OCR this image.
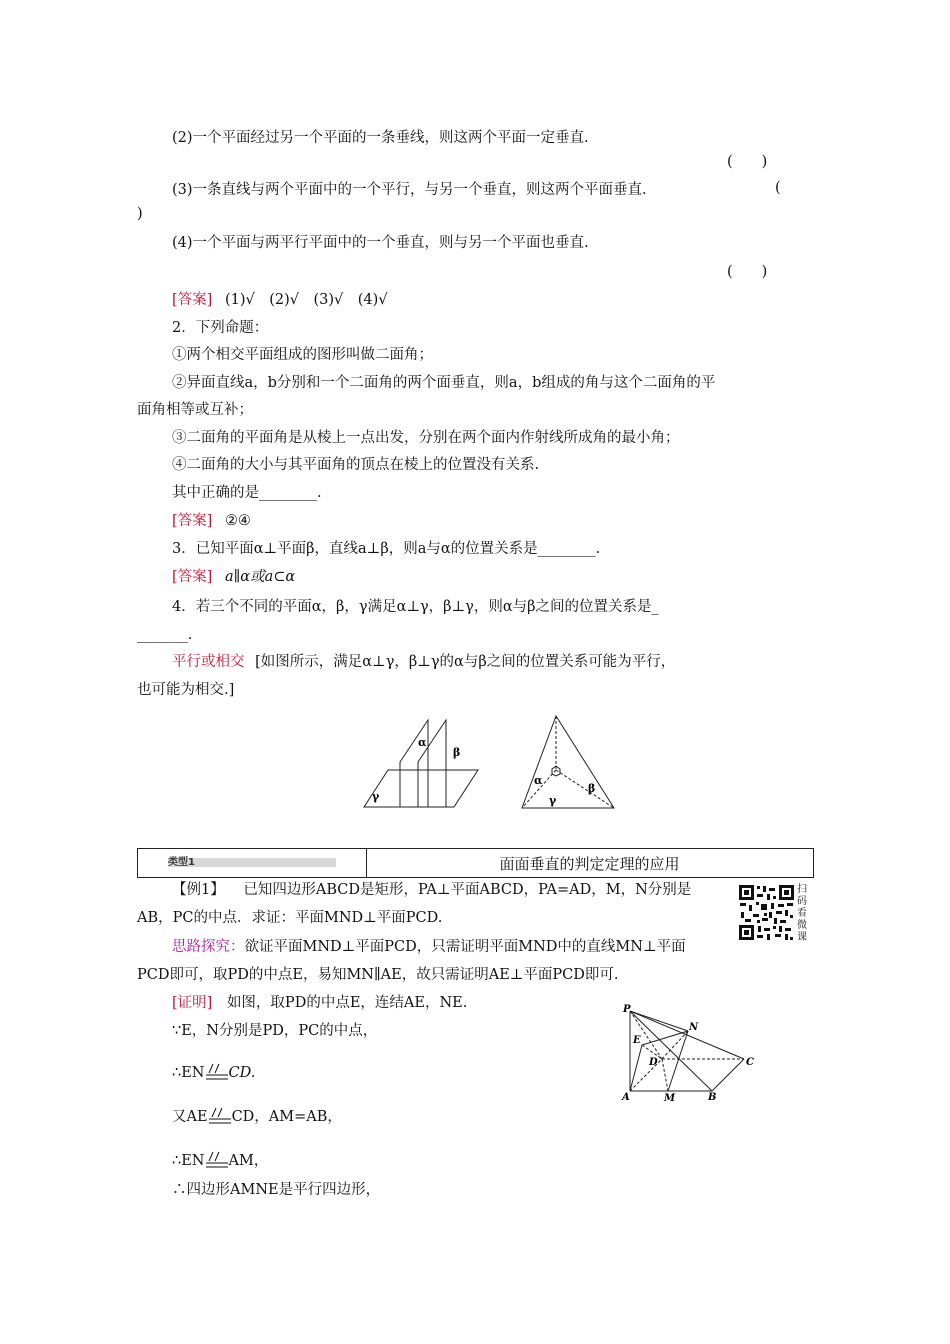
(2)一个平面经过另一个平面的一条垂线，则这两个平面一定垂直.
(　　)
(3)一条直线与两个平面中的一个平行，与另一个垂直，则这两个平面垂直.	(
)
(4)一个平面与两平行平面中的一个垂直，则与另一个平面也垂直.
(　　)
[答案] (1)√　(2)√　(3)√　(4)√
2．下列命题：
①两个相交平面组成的图形叫做二面角；
②异面直线a，b分别和一个二面角的两个面垂直，则a，b组成的角与这个二面角的平
面角相等或互补；
③二面角的平面角是从棱上一点出发，分别在两个面内作射线所成角的最小角；
④二面角的大小与其平面角的顶点在棱上的位置没有关系.
其中正确的是________.
[答案] ②④
3．已知平面α⊥平面β，直线a⊥β，则a与α的位置关系是________.
[答案] a∥α或a⊂α
4．若三个不同的平面α，β，γ满足α⊥γ，β⊥γ，则α与β之间的位置关系是_
_______.
平行或相交 [如图所示，满足α⊥γ，β⊥γ的α与β之间的位置关系可能为平行，
也可能为相交.]
α
β
γ
α
β
γ
类型1	面面垂直的判定定理的应用
扫码看微课
【例1】 已知四边形ABCD是矩形，PA⊥平面ABCD，PA=AD，M，N分别是
AB，PC的中点．求证：平面MND⊥平面PCD.
思路探究：欲证平面MND⊥平面PCD，只需证明平面MND中的直线MN⊥平面
PCD即可，取PD的中点E，易知MN∥AE，故只需证明AE⊥平面PCD即可.
[证明] 如图，取PD的中点E，连结AE，NE.
∵E，N分别是PD，PC的中点，
∴EN CD.
又AE CD，AM=AB，
∴EN AM，
∴四边形AMNE是平行四边形，
P
E
N
D	C
A	M	B
